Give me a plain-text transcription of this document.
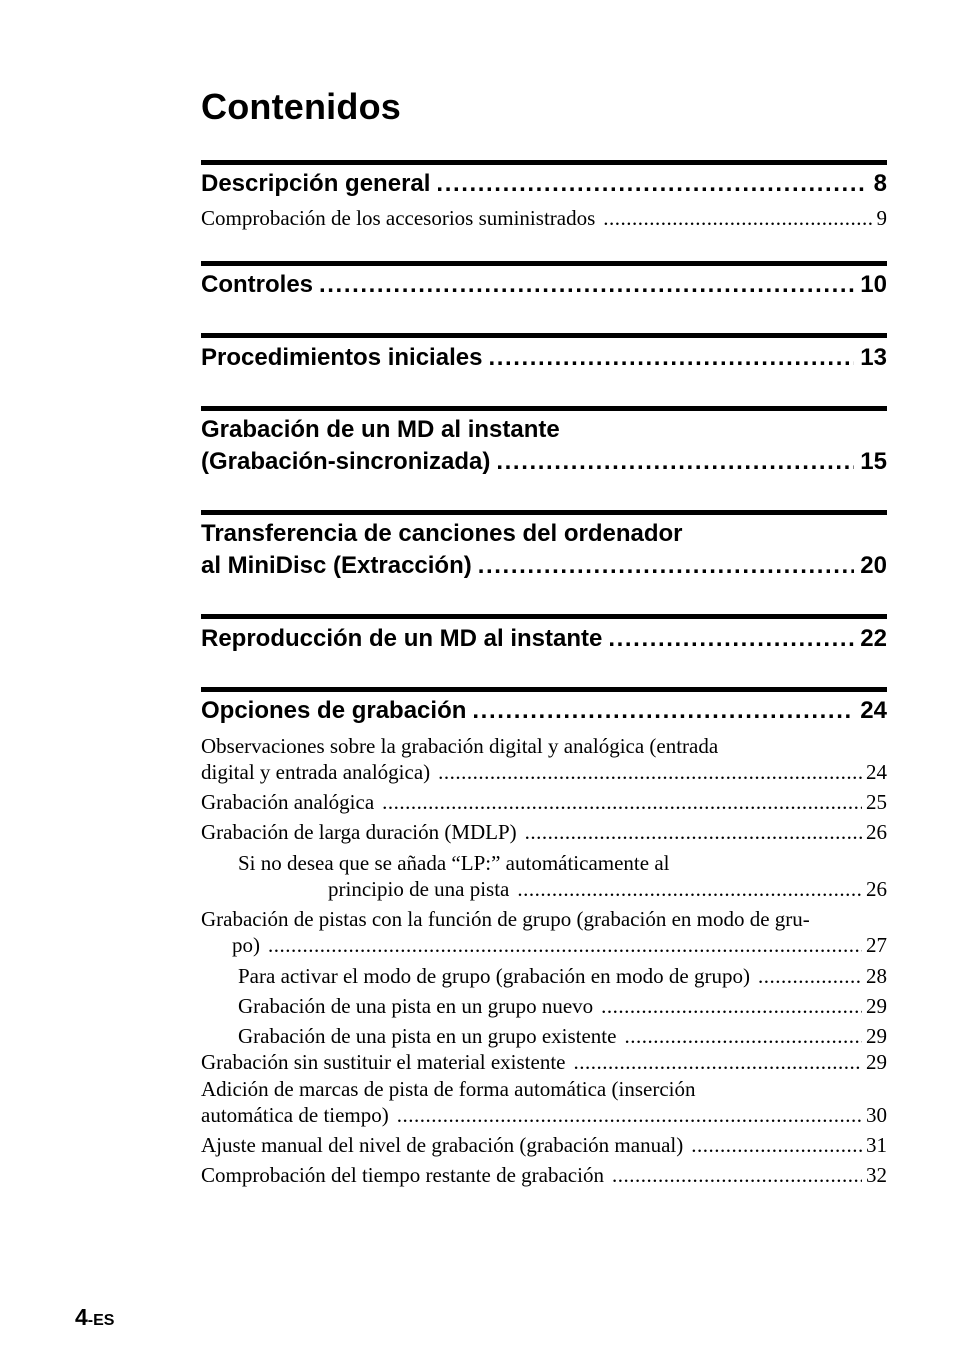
Contenidos
Descripción general .....	8
Comprobación de los accesorios suministrados .....	9
Controles .....	10
Procedimientos iniciales .....	13
Grabación de un MD al instante
(Grabación-sincronizada) .....	15
Transferencia de canciones del ordenador
al MiniDisc (Extracción) .....	20
Reproducción de un MD al instante .....	22
Opciones de grabación .....	24
Observaciones sobre la grabación digital y analógica (entrada
digital y entrada analógica) .....	24
Grabación analógica .....	25
Grabación de larga duración (MDLP) .....	26
Si no desea que se añada “LP:” automáticamente al
principio de una pista .....	26
Grabación de pistas con la función de grupo (grabación en modo de gru-
po) .....	27
Para activar el modo de grupo (grabación en modo de grupo) .....	28
Grabación de una pista en un grupo nuevo .....	29
Grabación de una pista en un grupo existente .....	29
Grabación sin sustituir el material existente .....	29
Adición de marcas de pista de forma automática (inserción
automática de tiempo) .....	30
Ajuste manual del nivel de grabación (grabación manual) .....	31
Comprobación del tiempo restante de grabación .....	32
4-ES
